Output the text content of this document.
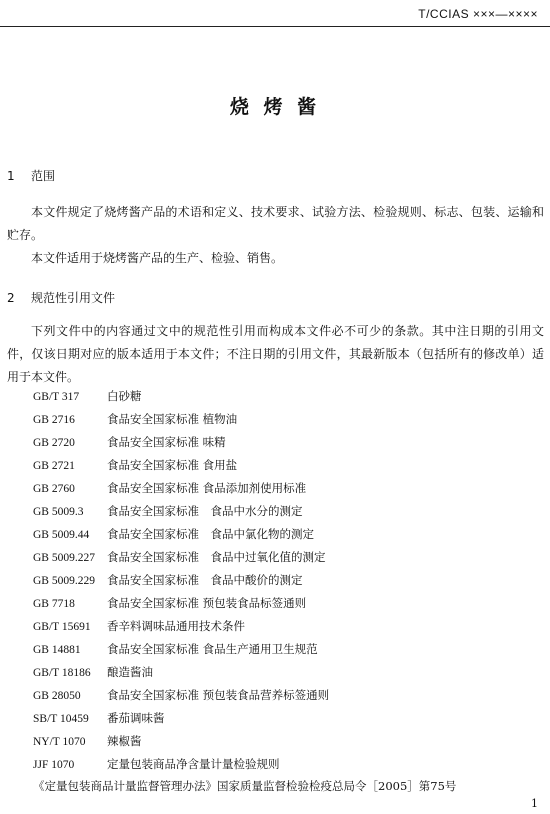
T/CCIAS ×××—××××
烧 烤 酱
1 范围

本文件规定了烧烤酱产品的术语和定义、技术要求、试验方法、检验规则、标志、包装、运输和贮存。

本文件适用于烧烤酱产品的生产、检验、销售。

2 规范性引用文件

下列文件中的内容通过文中的规范性引用而构成本文件必不可少的条款。其中注日期的引用文件，仅该日期对应的版本适用于本文件；不注日期的引用文件，其最新版本（包括所有的修改单）适用于本文件。

GB/T 317 白砂糖
GB 2716	食品安全国家标准 植物油
GB 2720	食品安全国家标准 味精
GB 2721	食品安全国家标准 食用盐
GB 2760	食品安全国家标准 食品添加剂使用标准
GB 5009.3 食品安全国家标准　食品中水分的测定
GB 5009.44 食品安全国家标准　食品中氯化物的测定
GB 5009.227 食品安全国家标准　食品中过氧化值的测定
GB 5009.229 食品安全国家标准　食品中酸价的测定
GB 7718	食品安全国家标准 预包装食品标签通则
GB/T 15691 香辛料调味品通用技术条件
GB 14881 食品安全国家标准 食品生产通用卫生规范
GB/T 18186 酿造酱油
GB 28050 食品安全国家标准 预包装食品营养标签通则
SB/T 10459 番茄调味酱
NY/T 1070 辣椒酱
JJF 1070	定量包装商品净含量计量检验规则
《定量包装商品计量监督管理办法》国家质量监督检验检疫总局令［2005］第75号
1
